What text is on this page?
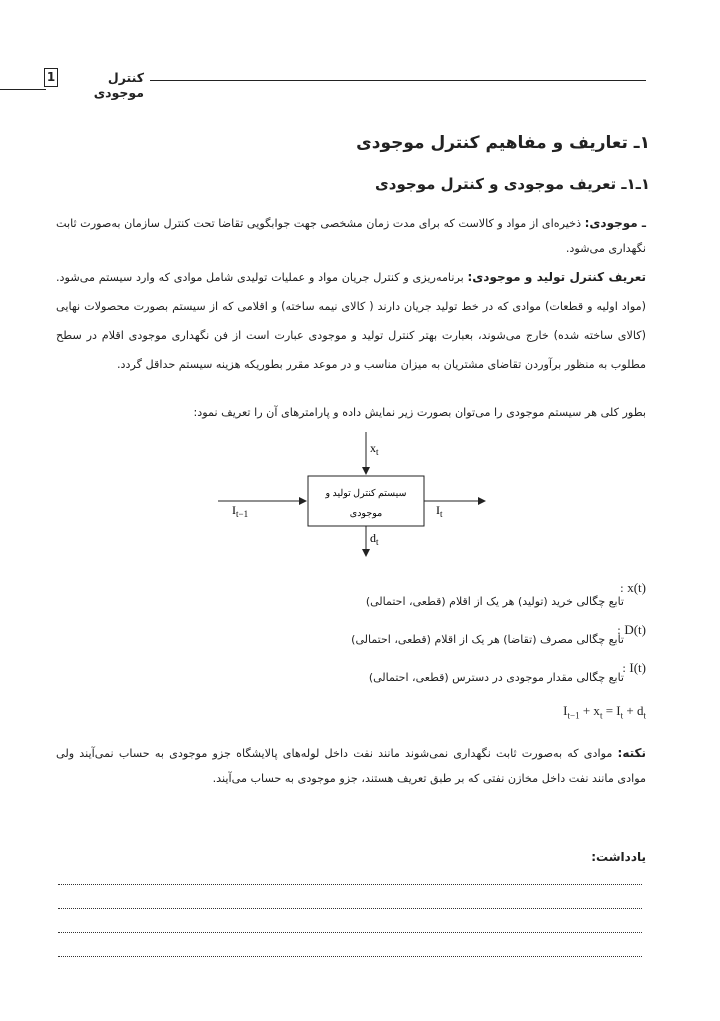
کنترل موجودی
1
۱ـ تعاریف و مفاهیم کنترل موجودی
۱ـ۱ـ تعریف موجودی و کنترل موجودی
ـ موجودی: ذخیره‌ای از مواد و کالاست که برای مدت زمان مشخصی جهت جوابگویی تقاضا تحت کنترل سازمان به‌صورت ثابت نگهداری می‌شود.
تعریف کنترل تولید و موجودی: برنامه‌ریزی و کنترل جریان مواد و عملیات تولیدی شامل موادی که وارد سیستم می‌شود. (مواد اولیه و قطعات) موادی که در خط تولید جریان دارند ( کالای نیمه ساخته) و اقلامی که از سیستم بصورت محصولات نهایی (کالای ساخته شده) خارج می‌شوند، بعبارت بهتر کنترل تولید و موجودی عبارت است از فن نگهداری موجودی اقلام در سطح مطلوب به منظور برآوردن تقاضای مشتریان به میزان مناسب و در موعد مقرر بطوریکه هزینه سیستم حداقل گردد.
بطور کلی هر سیستم موجودی را می‌توان بصورت زیر نمایش داده و پارامترهای آن را تعریف نمود:
سیستم کنترل تولید و
موجودی
$x_t$
$d_t$
$I_{t-1}$	$I_t$
x(t) :
تابع چگالی خرید (تولید) هر یک از اقلام (قطعی، احتمالی)
D(t) :
تابع چگالی مصرف (تقاضا) هر یک از اقلام (قطعی، احتمالی)
I(t) :
تابع چگالی مقدار موجودی در دسترس (قطعی، احتمالی)
$I_{t-1} + x_t = I_t + d_t$
نکته: موادی که به‌صورت ثابت نگهداری نمی‌شوند مانند نفت داخل لوله‌های پالایشگاه جزو موجودی به حساب نمی‌آیند ولی موادی مانند نفت داخل مخازن نفتی که بر طبق تعریف هستند، جزو موجودی به حساب می‌آیند.
یادداشت:
